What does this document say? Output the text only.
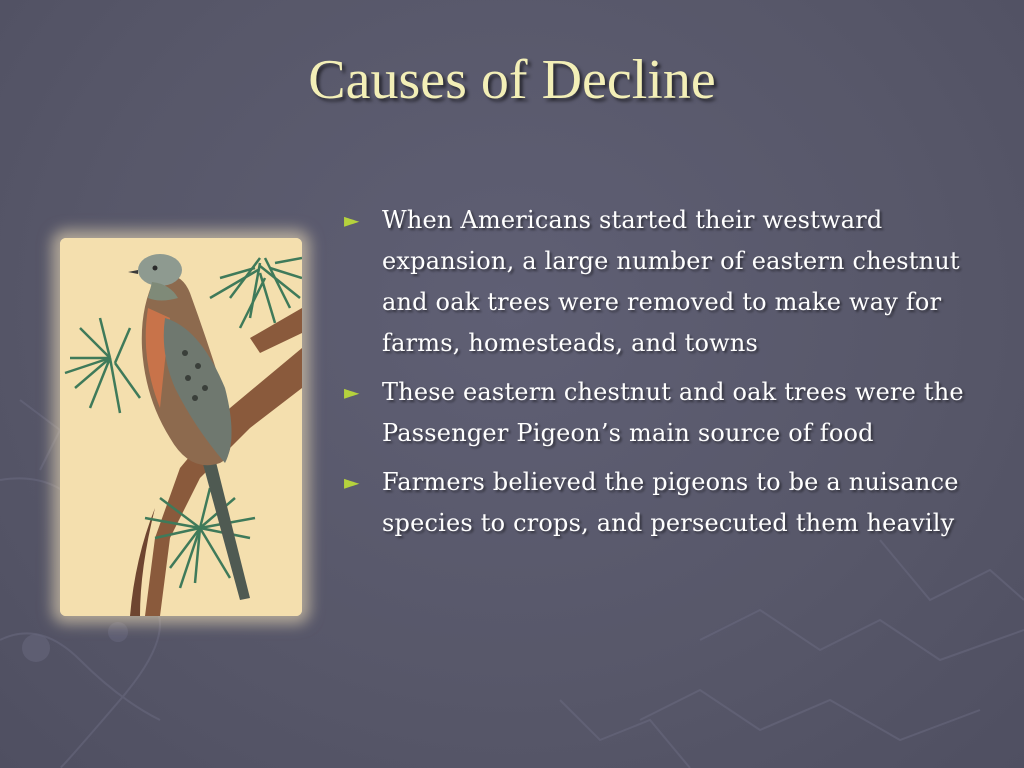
Causes of Decline
► When Americans started their westward expansion, a large number of eastern chestnut and oak trees were removed to make way for farms, homesteads, and towns
► These eastern chestnut and oak trees were the Passenger Pigeon’s main source of food
► Farmers believed the pigeons to be a nuisance species to crops, and persecuted them heavily
